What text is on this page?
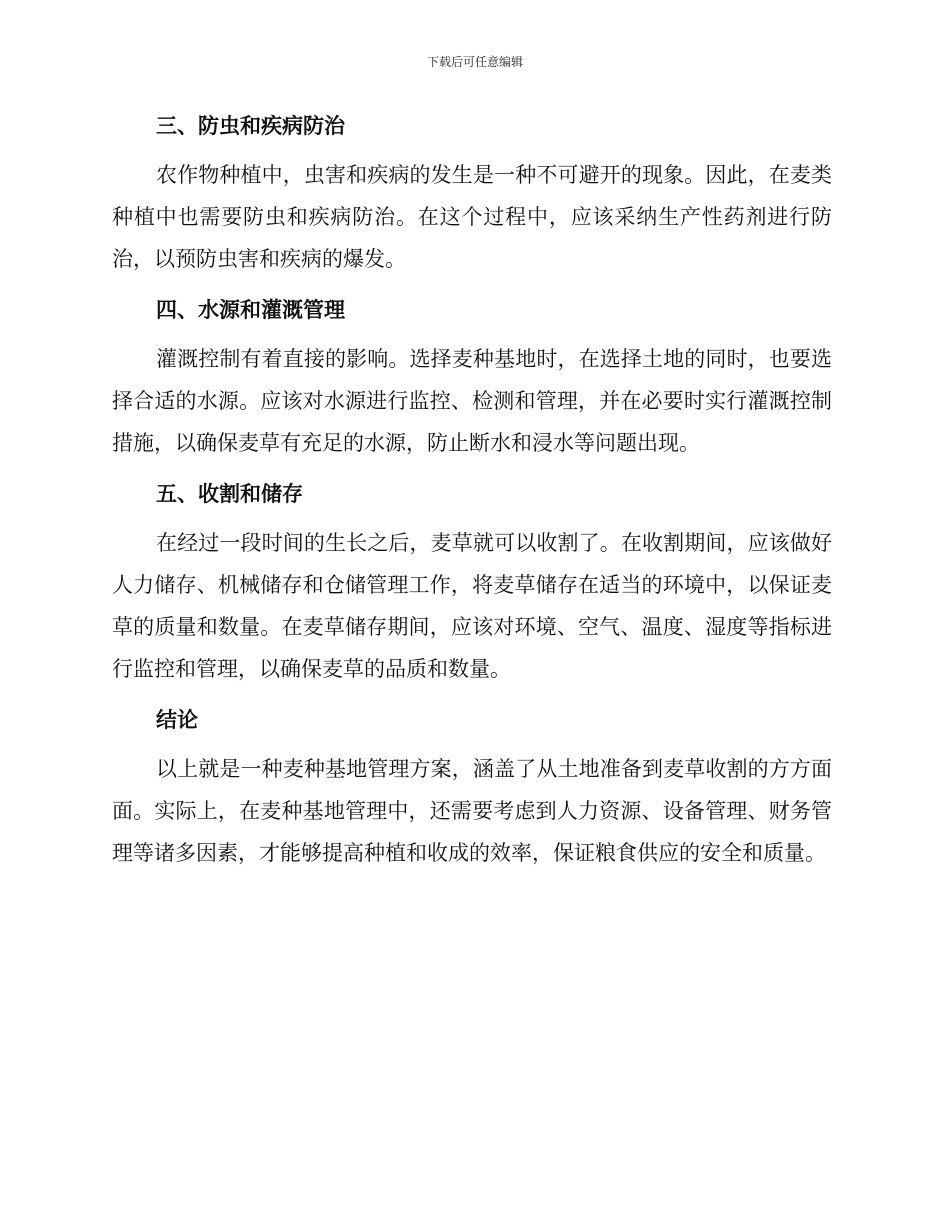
下载后可任意编辑
三、防虫和疾病防治

农作物种植中，虫害和疾病的发生是一种不可避开的现象。因此，在麦类种植中也需要防虫和疾病防治。在这个过程中，应该采纳生产性药剂进行防治，以预防虫害和疾病的爆发。

四、水源和灌溉管理

灌溉控制有着直接的影响。选择麦种基地时，在选择土地的同时，也要选择合适的水源。应该对水源进行监控、检测和管理，并在必要时实行灌溉控制措施，以确保麦草有充足的水源，防止断水和浸水等问题出现。

五、收割和储存

在经过一段时间的生长之后，麦草就可以收割了。在收割期间，应该做好人力储存、机械储存和仓储管理工作，将麦草储存在适当的环境中，以保证麦草的质量和数量。在麦草储存期间，应该对环境、空气、温度、湿度等指标进行监控和管理，以确保麦草的品质和数量。

结论

以上就是一种麦种基地管理方案，涵盖了从土地准备到麦草收割的方方面面。实际上，在麦种基地管理中，还需要考虑到人力资源、设备管理、财务管理等诸多因素，才能够提高种植和收成的效率，保证粮食供应的安全和质量。
